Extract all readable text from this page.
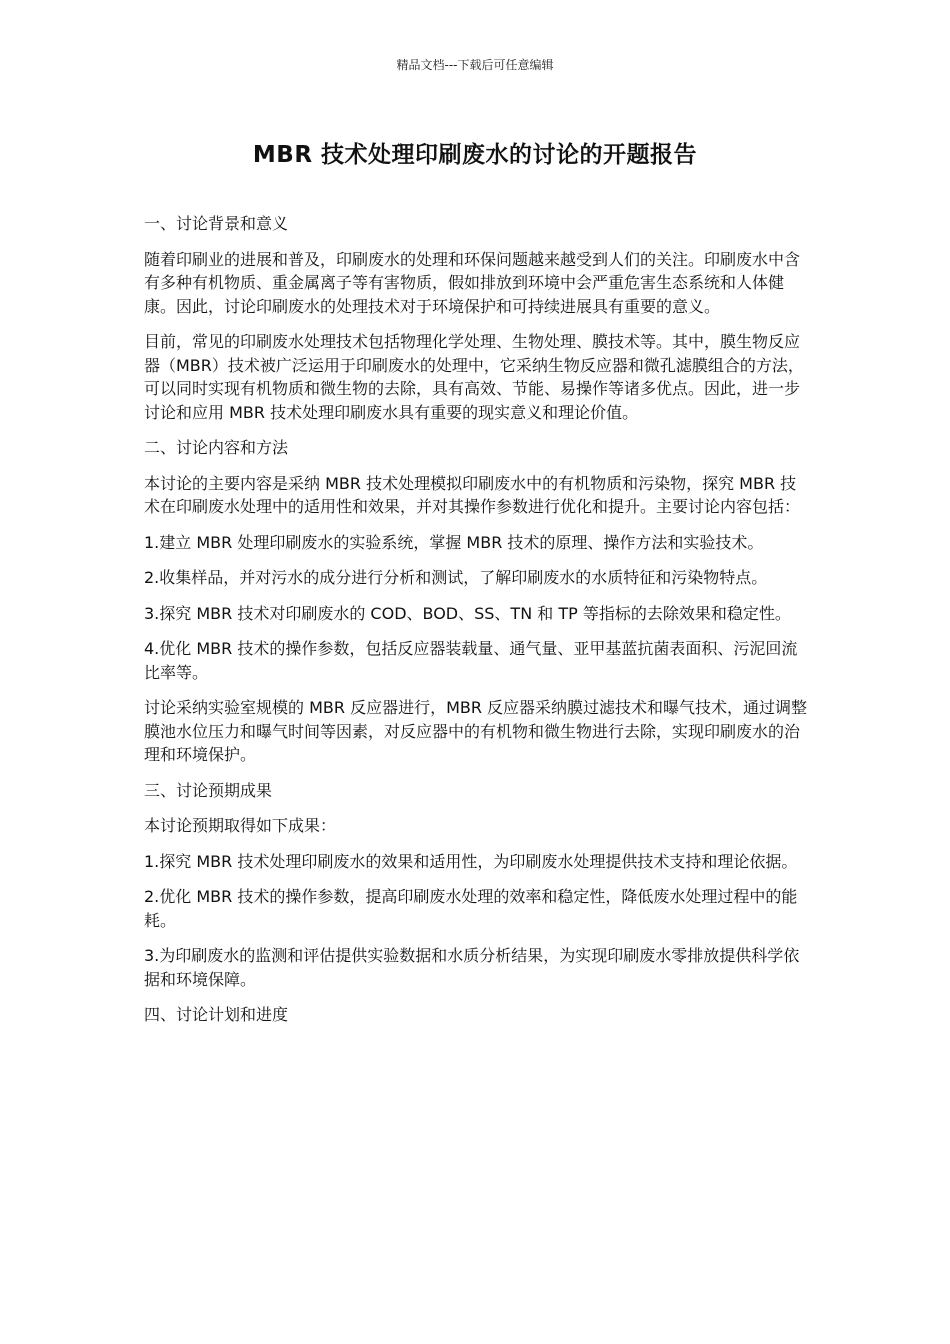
精品文档---下载后可任意编辑
MBR 技术处理印刷废水的讨论的开题报告
一、讨论背景和意义
随着印刷业的进展和普及，印刷废水的处理和环保问题越来越受到人们的关注。印刷废水中含有多种有机物质、重金属离子等有害物质，假如排放到环境中会严重危害生态系统和人体健康。因此，讨论印刷废水的处理技术对于环境保护和可持续进展具有重要的意义。
目前，常见的印刷废水处理技术包括物理化学处理、生物处理、膜技术等。其中，膜生物反应器（MBR）技术被广泛运用于印刷废水的处理中，它采纳生物反应器和微孔滤膜组合的方法，可以同时实现有机物质和微生物的去除，具有高效、节能、易操作等诸多优点。因此，进一步讨论和应用 MBR 技术处理印刷废水具有重要的现实意义和理论价值。
二、讨论内容和方法
本讨论的主要内容是采纳 MBR 技术处理模拟印刷废水中的有机物质和污染物，探究 MBR 技术在印刷废水处理中的适用性和效果，并对其操作参数进行优化和提升。主要讨论内容包括：
1.建立 MBR 处理印刷废水的实验系统，掌握 MBR 技术的原理、操作方法和实验技术。
2.收集样品，并对污水的成分进行分析和测试，了解印刷废水的水质特征和污染物特点。
3.探究 MBR 技术对印刷废水的 COD、BOD、SS、TN 和 TP 等指标的去除效果和稳定性。
4.优化 MBR 技术的操作参数，包括反应器装载量、通气量、亚甲基蓝抗菌表面积、污泥回流比率等。
讨论采纳实验室规模的 MBR 反应器进行，MBR 反应器采纳膜过滤技术和曝气技术，通过调整膜池水位压力和曝气时间等因素，对反应器中的有机物和微生物进行去除，实现印刷废水的治理和环境保护。
三、讨论预期成果
本讨论预期取得如下成果：
1.探究 MBR 技术处理印刷废水的效果和适用性，为印刷废水处理提供技术支持和理论依据。
2.优化 MBR 技术的操作参数，提高印刷废水处理的效率和稳定性，降低废水处理过程中的能耗。
3.为印刷废水的监测和评估提供实验数据和水质分析结果，为实现印刷废水零排放提供科学依据和环境保障。
四、讨论计划和进度
